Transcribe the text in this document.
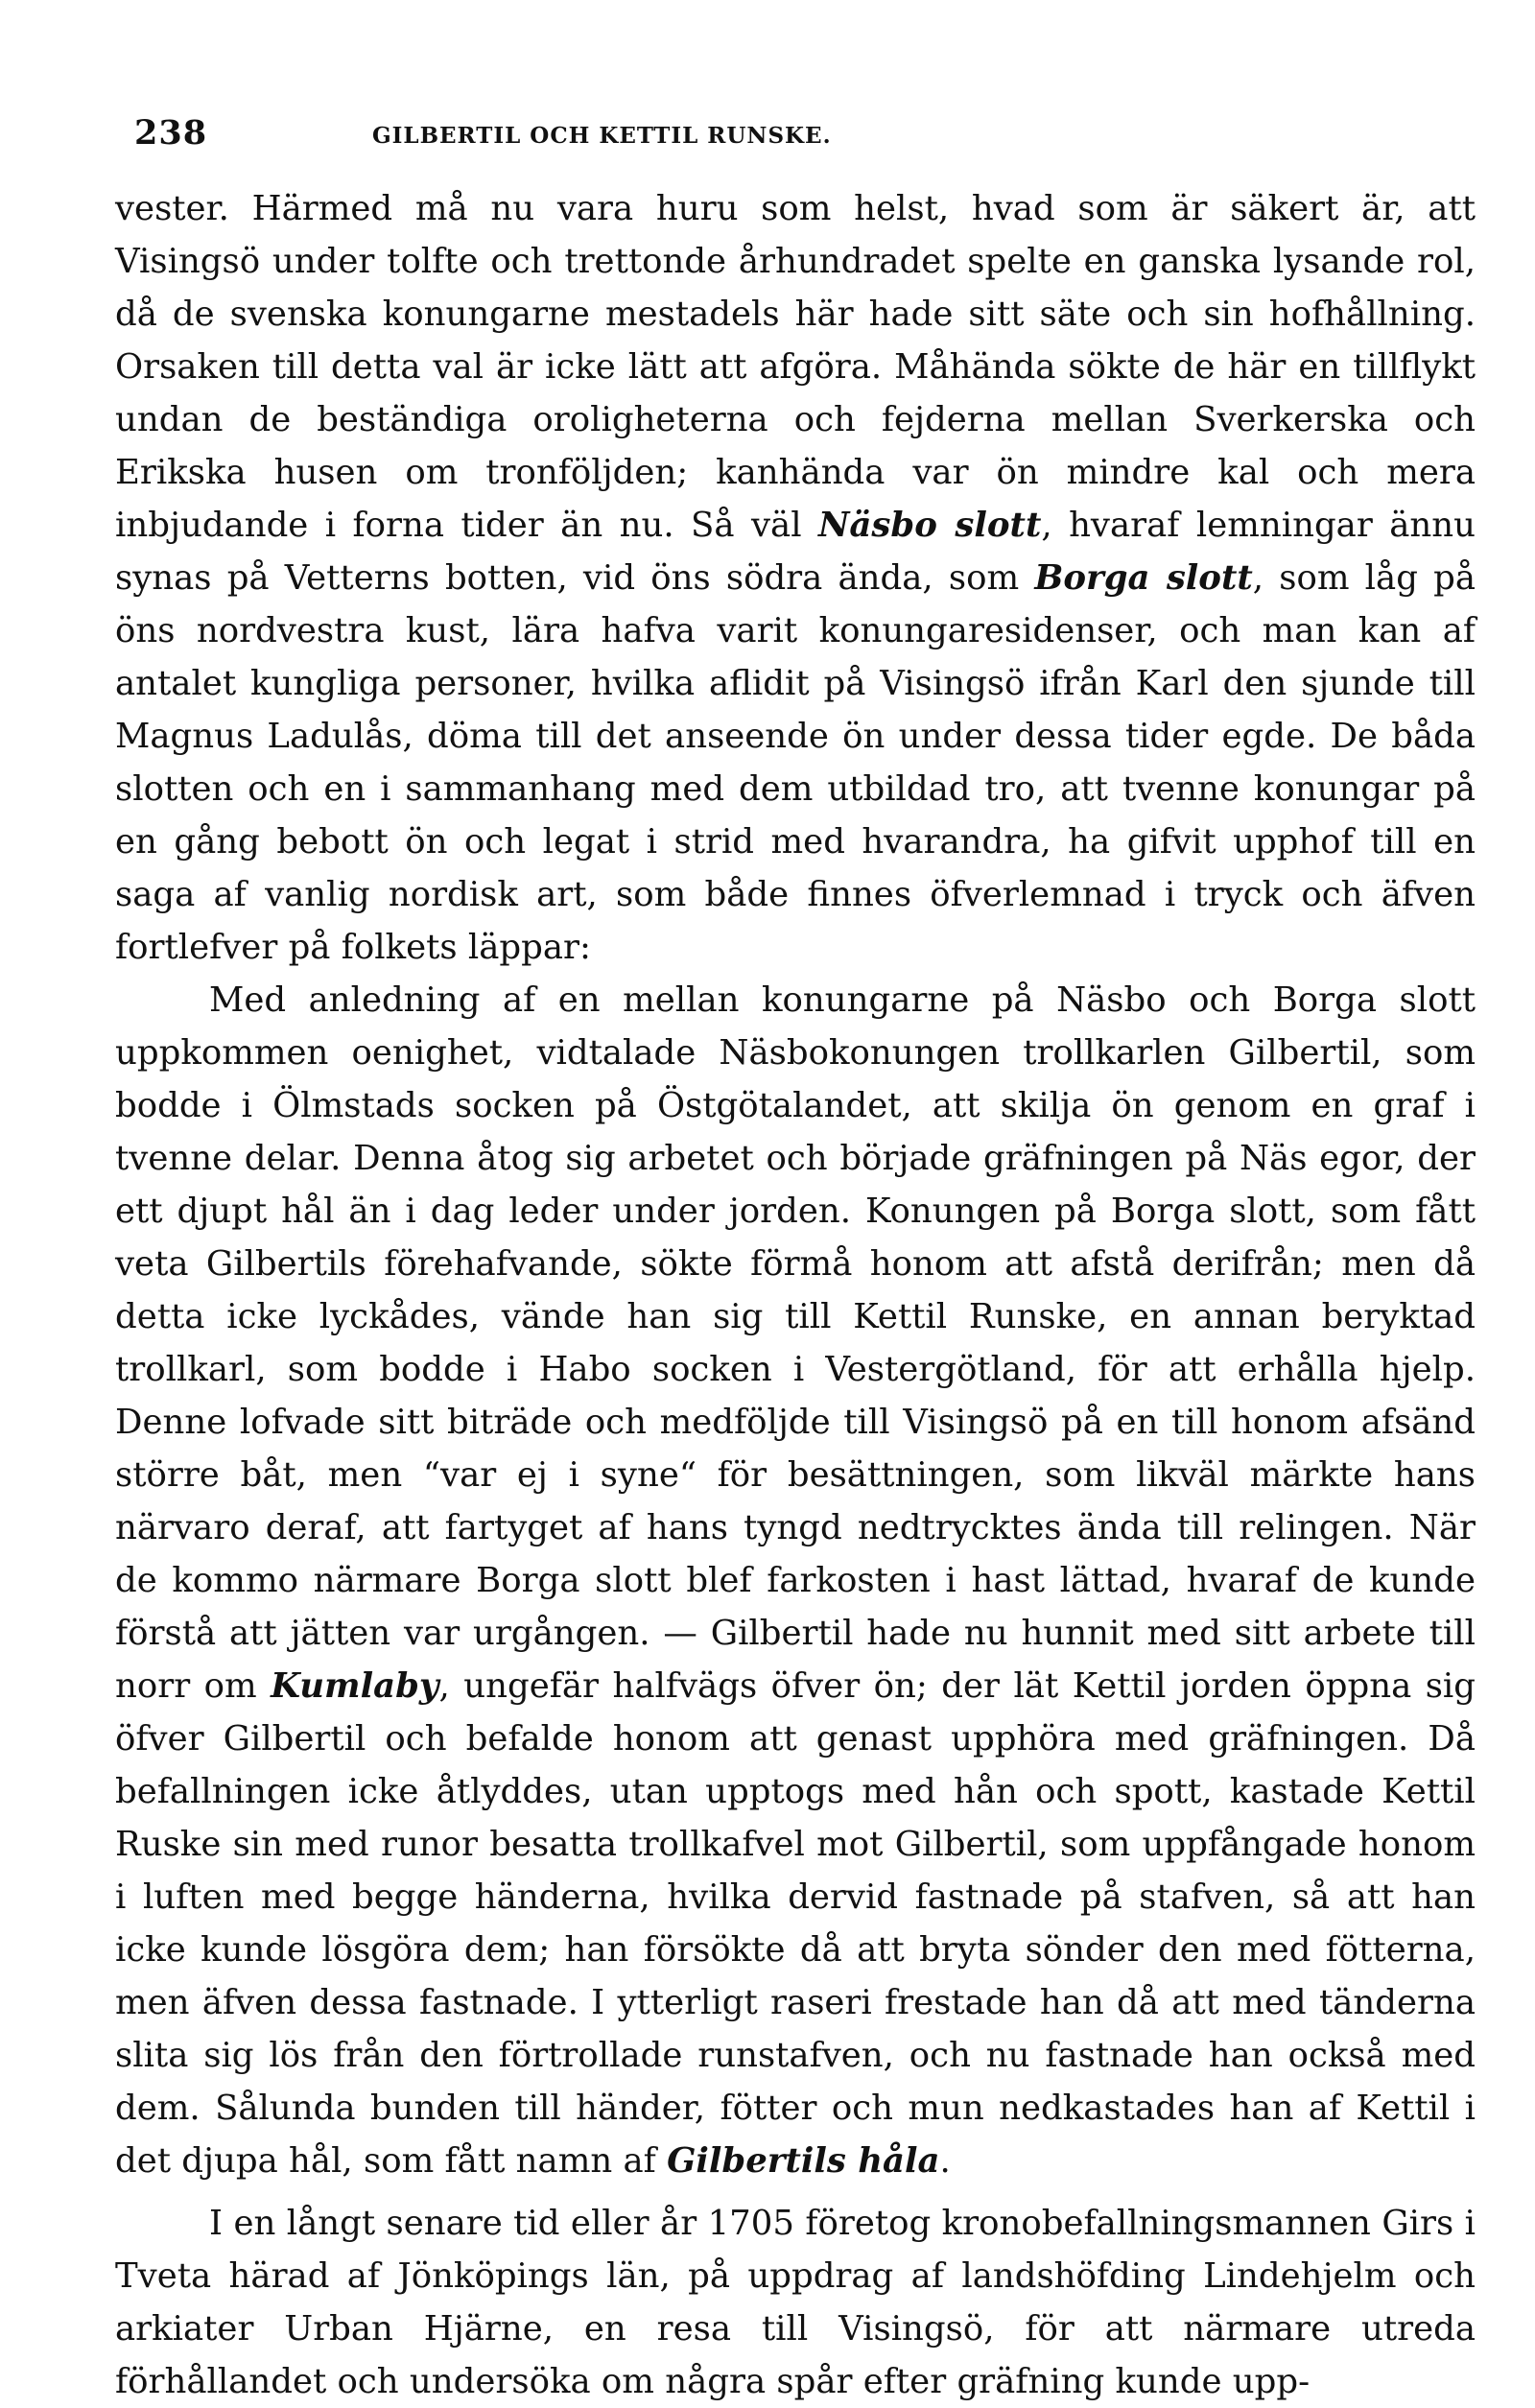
238	GILBERTIL OCH KETTIL RUNSKE.

vester. Härmed må nu vara huru som helst, hvad som är säkert är, att Visingsö under tolfte och trettonde århundradet spelte en ganska lysande rol, då de svenska konungarne mestadels här hade sitt säte och sin hofhållning. Orsaken till detta val är icke lätt att afgöra. Måhända sökte de här en tillflykt undan de beständiga oroligheterna och fejderna mellan Sverkerska och Erikska husen om tronföljden; kanhända var ön mindre kal och mera inbjudande i forna tider än nu. Så väl Näsbo slott, hvaraf lemningar ännu synas på Vetterns botten, vid öns södra ända, som Borga slott, som låg på öns nordvestra kust, lära hafva varit konungaresidenser, och man kan af antalet kungliga personer, hvilka aflidit på Visingsö ifrån Karl den sjunde till Magnus Ladulås, döma till det anseende ön under dessa tider egde. De båda slotten och en i sammanhang med dem utbildad tro, att tvenne konungar på en gång bebott ön och legat i strid med hvarandra, ha gifvit upphof till en saga af vanlig nordisk art, som både finnes öfverlemnad i tryck och äfven fortlefver på folkets läppar:

Med anledning af en mellan konungarne på Näsbo och Borga slott uppkommen oenighet, vidtalade Näsbokonungen trollkarlen Gilbertil, som bodde i Ölmstads socken på Östgötalandet, att skilja ön genom en graf i tvenne delar. Denna åtog sig arbetet och började gräfningen på Näs egor, der ett djupt hål än i dag leder under jorden. Konungen på Borga slott, som fått veta Gilbertils förehafvande, sökte förmå honom att afstå derifrån; men då detta icke lyckådes, vände han sig till Kettil Runske, en annan beryktad trollkarl, som bodde i Habo socken i Vestergötland, för att erhålla hjelp. Denne lofvade sitt biträde och medföljde till Visingsö på en till honom afsänd större båt, men “var ej i syne“ för besättningen, som likväl märkte hans närvaro deraf, att fartyget af hans tyngd nedtrycktes ända till relingen. När de kommo närmare Borga slott blef farkosten i hast lättad, hvaraf de kunde förstå att jätten var urgången. — Gilbertil hade nu hunnit med sitt arbete till norr om Kumlaby, ungefär halfvägs öfver ön; der lät Kettil jorden öppna sig öfver Gilbertil och befalde honom att genast upphöra med gräfningen. Då befallningen icke åtlyddes, utan upptogs med hån och spott, kastade Kettil Ruske sin med runor besatta trollkafvel mot Gilbertil, som uppfångade honom i luften med begge händerna, hvilka dervid fastnade på stafven, så att han icke kunde lösgöra dem; han försökte då att bryta sönder den med fötterna, men äfven dessa fastnade. I ytterligt raseri frestade han då att med tänderna slita sig lös från den förtrollade runstafven, och nu fastnade han också med dem. Sålunda bunden till händer, fötter och mun nedkastades han af Kettil i det djupa hål, som fått namn af Gilbertils håla.

I en långt senare tid eller år 1705 företog kronobefallningsmannen Girs i Tveta härad af Jönköpings län, på uppdrag af landshöfding Lindehjelm och arkiater Urban Hjärne, en resa till Visingsö, för att närmare utreda förhållandet och undersöka om några spår efter gräfning kunde upp-
